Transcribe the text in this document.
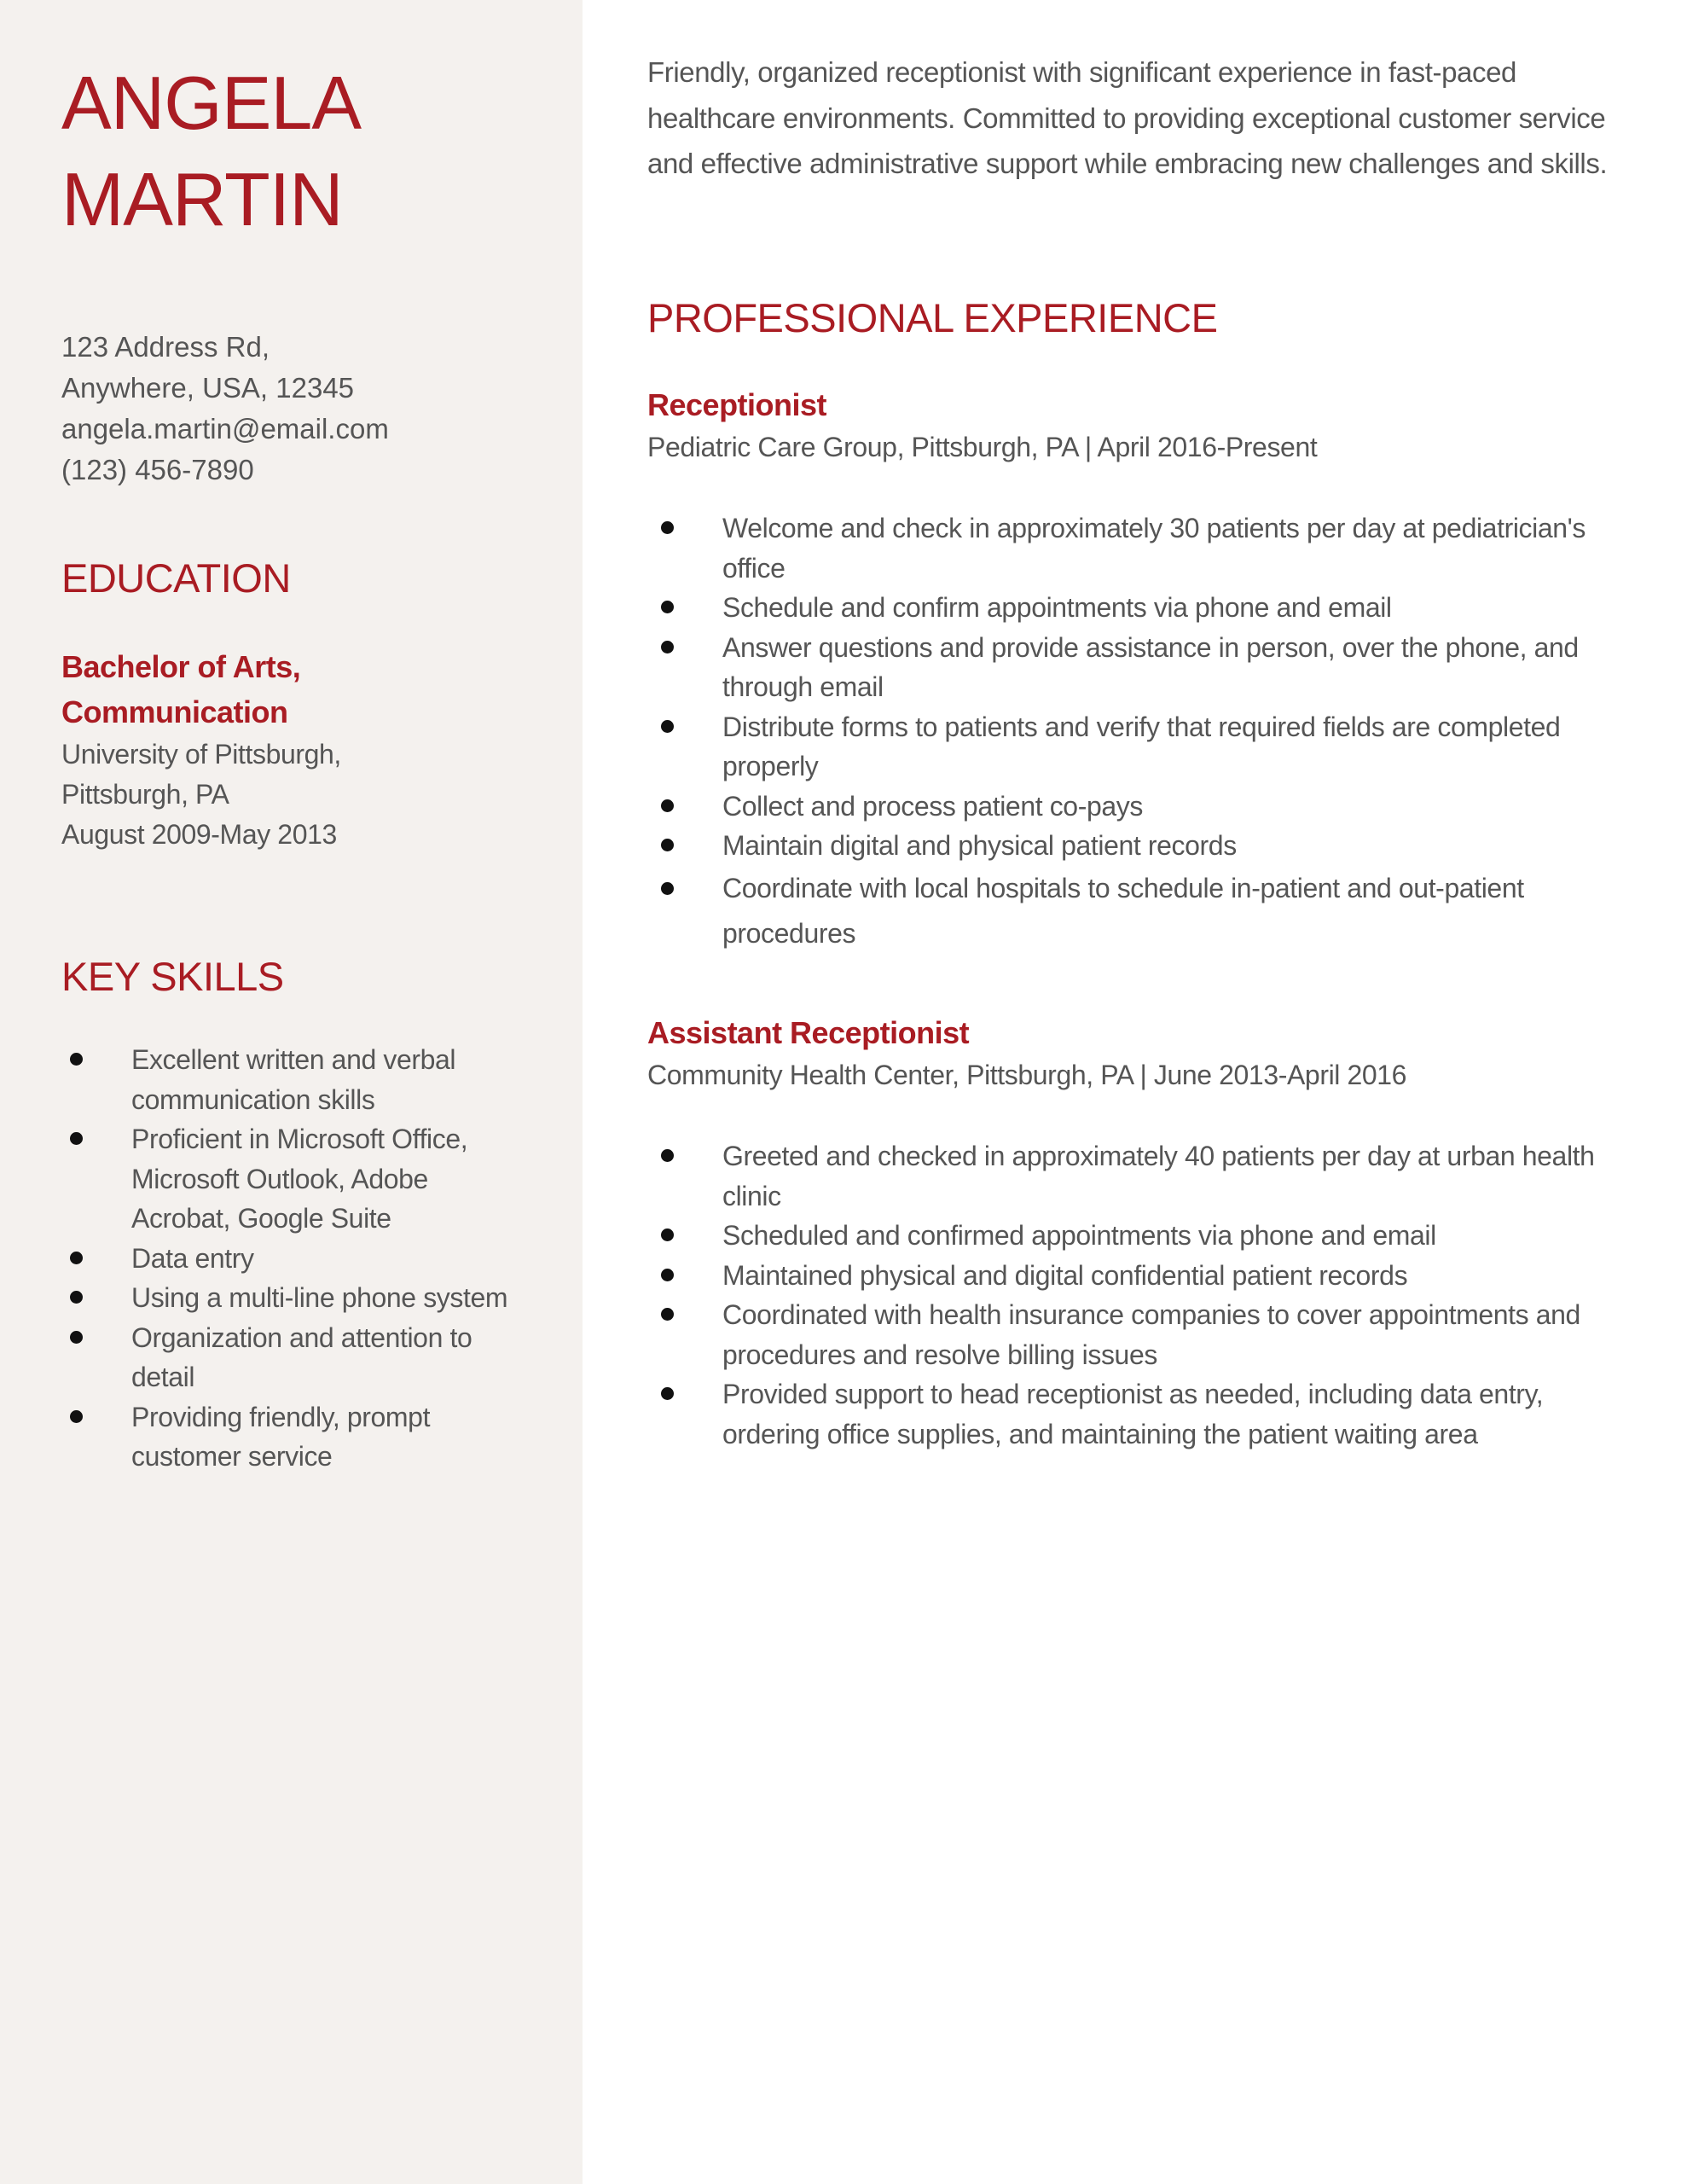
ANGELA
MARTIN
123 Address Rd,
Anywhere, USA, 12345
angela.martin@email.com
(123) 456-7890
EDUCATION
Bachelor of Arts,
Communication
University of Pittsburgh,
Pittsburgh, PA
August 2009-May 2013
KEY SKILLS
Excellent written and verbal communication skills
Proficient in Microsoft Office, Microsoft Outlook, Adobe Acrobat, Google Suite
Data entry
Using a multi-line phone system
Organization and attention to detail
Providing friendly, prompt customer service
Friendly, organized receptionist with significant experience in fast-paced healthcare environments. Committed to providing exceptional customer service and effective administrative support while embracing new challenges and skills.
PROFESSIONAL EXPERIENCE
Receptionist
Pediatric Care Group, Pittsburgh, PA | April 2016-Present
Welcome and check in approximately 30 patients per day at pediatrician's office
Schedule and confirm appointments via phone and email
Answer questions and provide assistance in person, over the phone, and through email
Distribute forms to patients and verify that required fields are completed properly
Collect and process patient co-pays
Maintain digital and physical patient records
Coordinate with local hospitals to schedule in-patient and out-patient procedures
Assistant Receptionist
Community Health Center, Pittsburgh, PA | June 2013-April 2016
Greeted and checked in approximately 40 patients per day at urban health clinic
Scheduled and confirmed appointments via phone and email
Maintained physical and digital confidential patient records
Coordinated with health insurance companies to cover appointments and procedures and resolve billing issues
Provided support to head receptionist as needed, including data entry, ordering office supplies, and maintaining the patient waiting area
